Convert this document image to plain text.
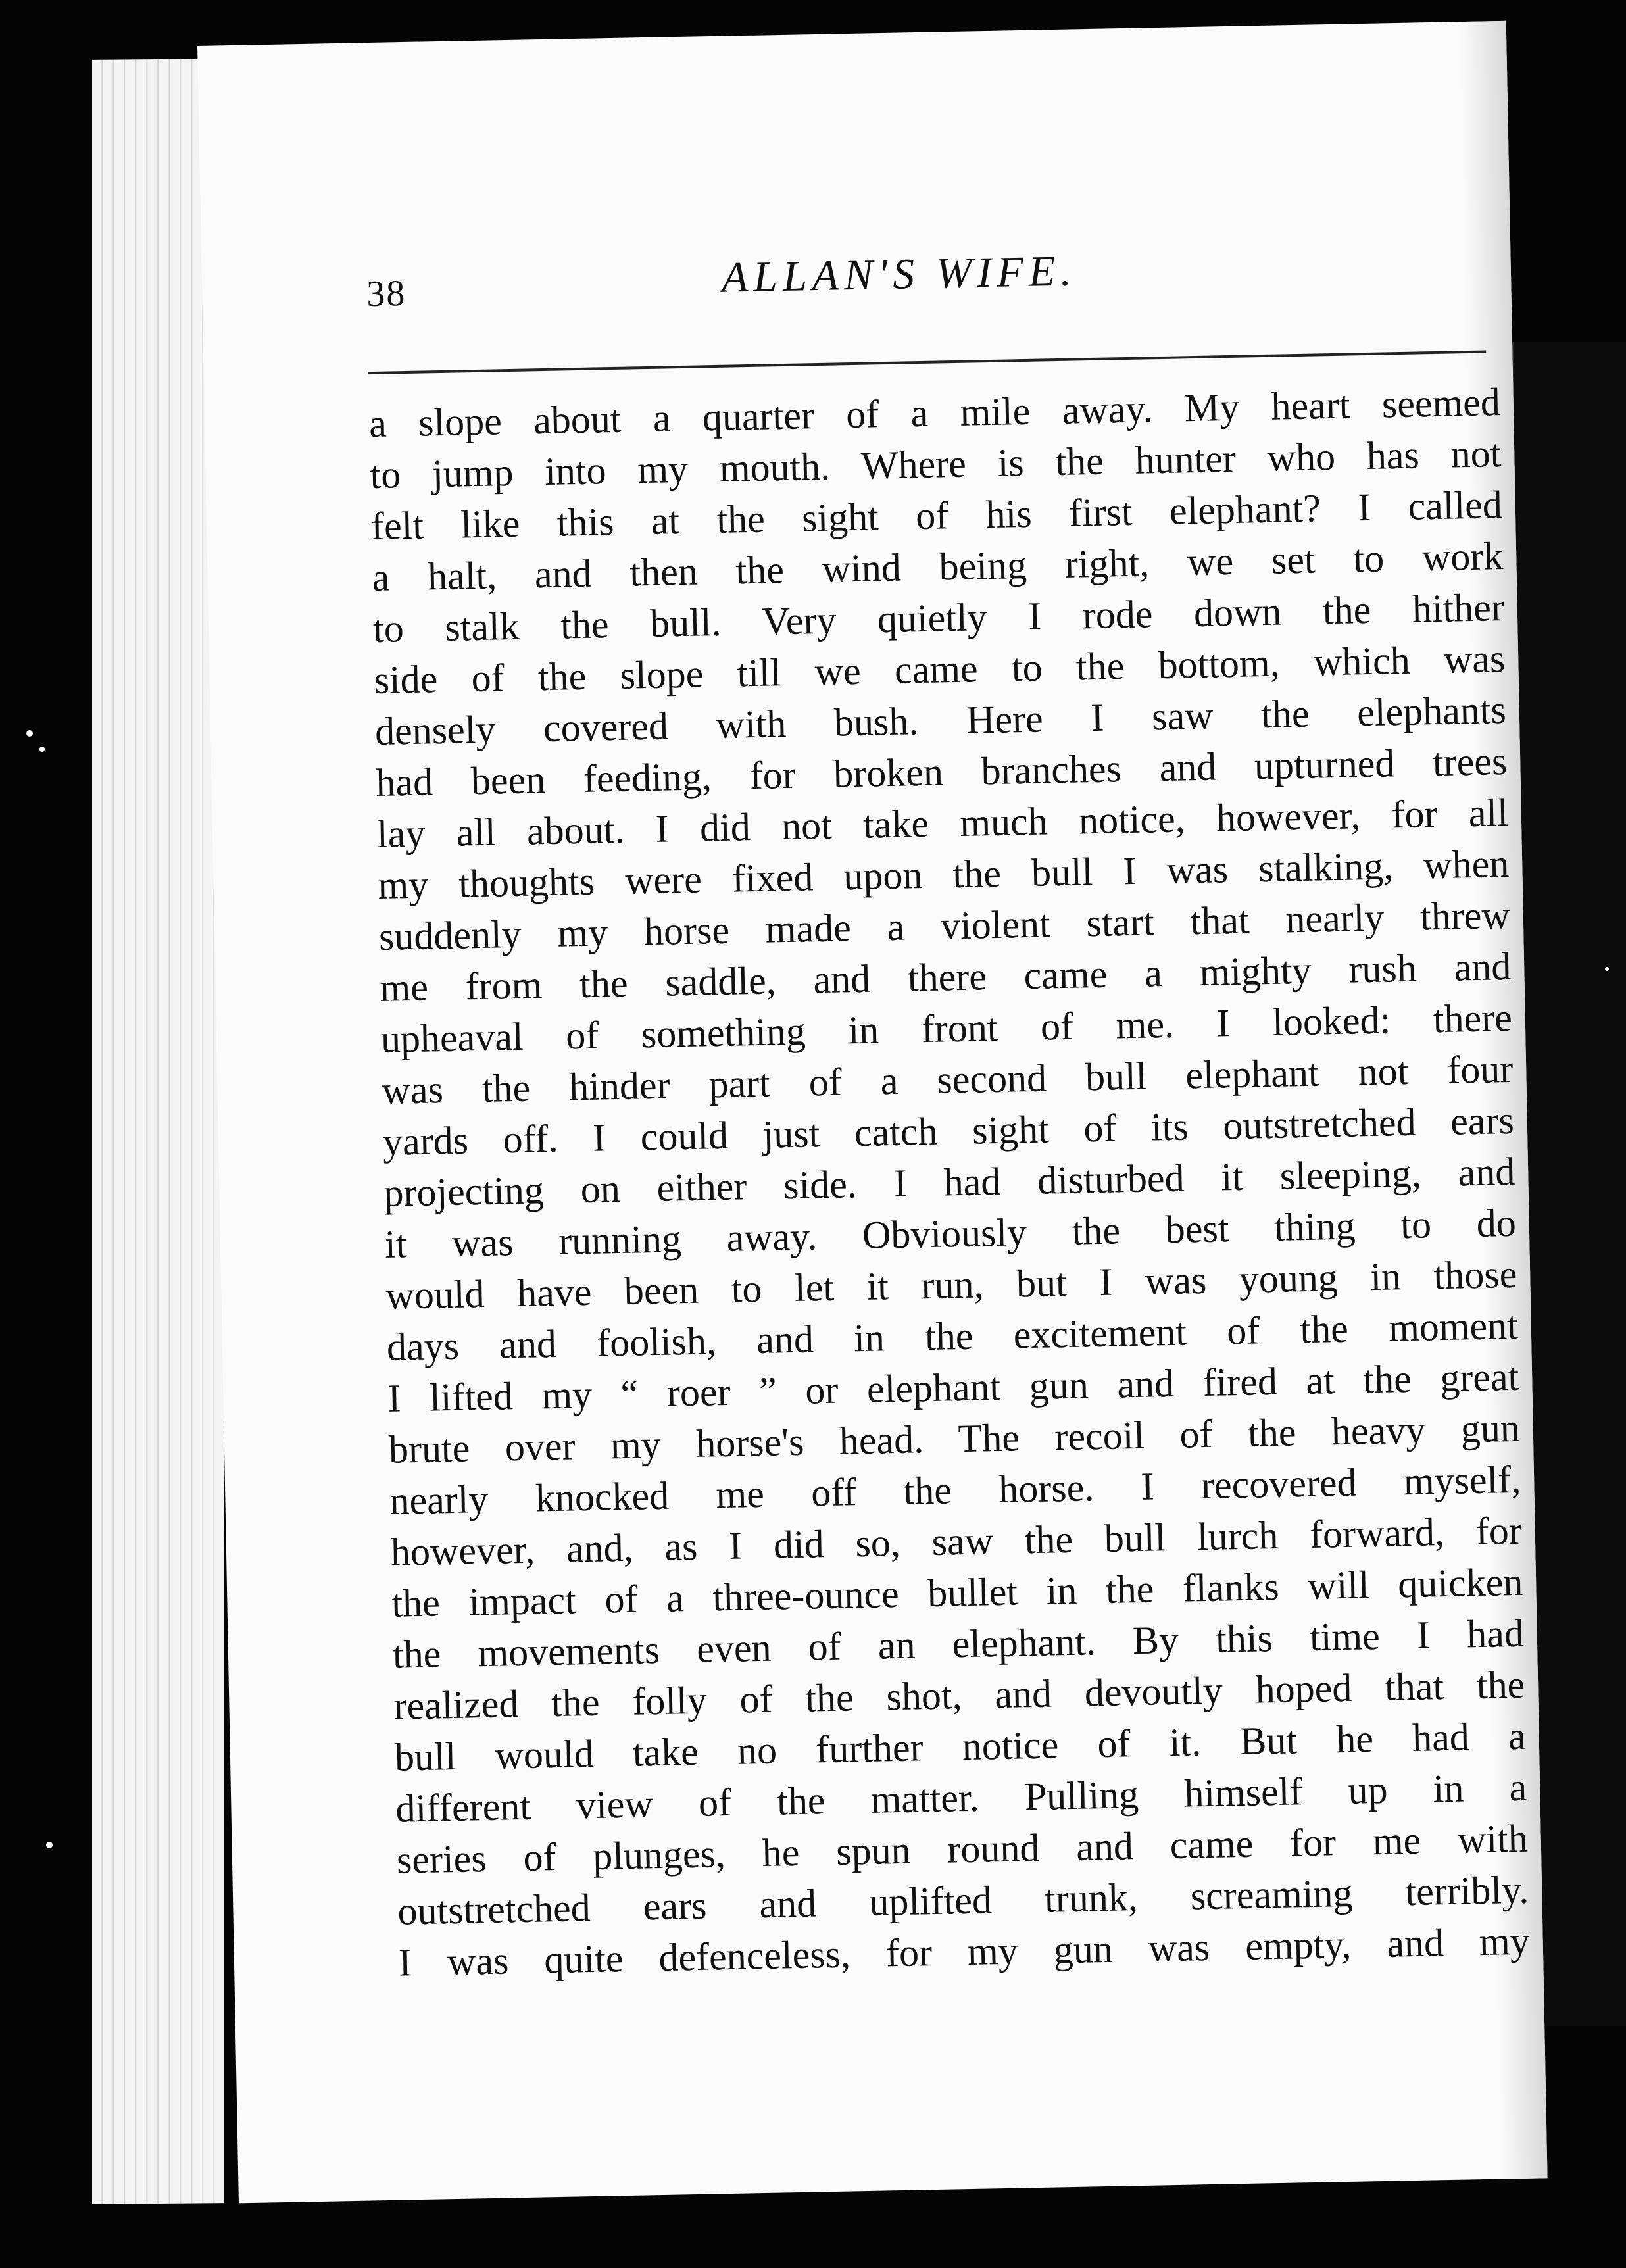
38	ALLAN'S WIFE.
a slope about a quarter of a mile away. My heart seemed
to jump into my mouth. Where is the hunter who has not
felt like this at the sight of his first elephant? I called
a halt, and then the wind being right, we set to work
to stalk the bull. Very quietly I rode down the hither
side of the slope till we came to the bottom, which was
densely covered with bush. Here I saw the elephants
had been feeding, for broken branches and upturned trees
lay all about. I did not take much notice, however, for all
my thoughts were fixed upon the bull I was stalking, when
suddenly my horse made a violent start that nearly threw
me from the saddle, and there came a mighty rush and
upheaval of something in front of me. I looked: there
was the hinder part of a second bull elephant not four
yards off. I could just catch sight of its outstretched ears
projecting on either side. I had disturbed it sleeping, and
it was running away. Obviously the best thing to do
would have been to let it run, but I was young in those
days and foolish, and in the excitement of the moment
I lifted my “ roer ” or elephant gun and fired at the great
brute over my horse's head. The recoil of the heavy gun
nearly knocked me off the horse. I recovered myself,
however, and, as I did so, saw the bull lurch forward, for
the impact of a three-ounce bullet in the flanks will quicken
the movements even of an elephant. By this time I had
realized the folly of the shot, and devoutly hoped that the
bull would take no further notice of it. But he had a
different view of the matter. Pulling himself up in a
series of plunges, he spun round and came for me with
outstretched ears and uplifted trunk, screaming terribly.
I was quite defenceless, for my gun was empty, and my
